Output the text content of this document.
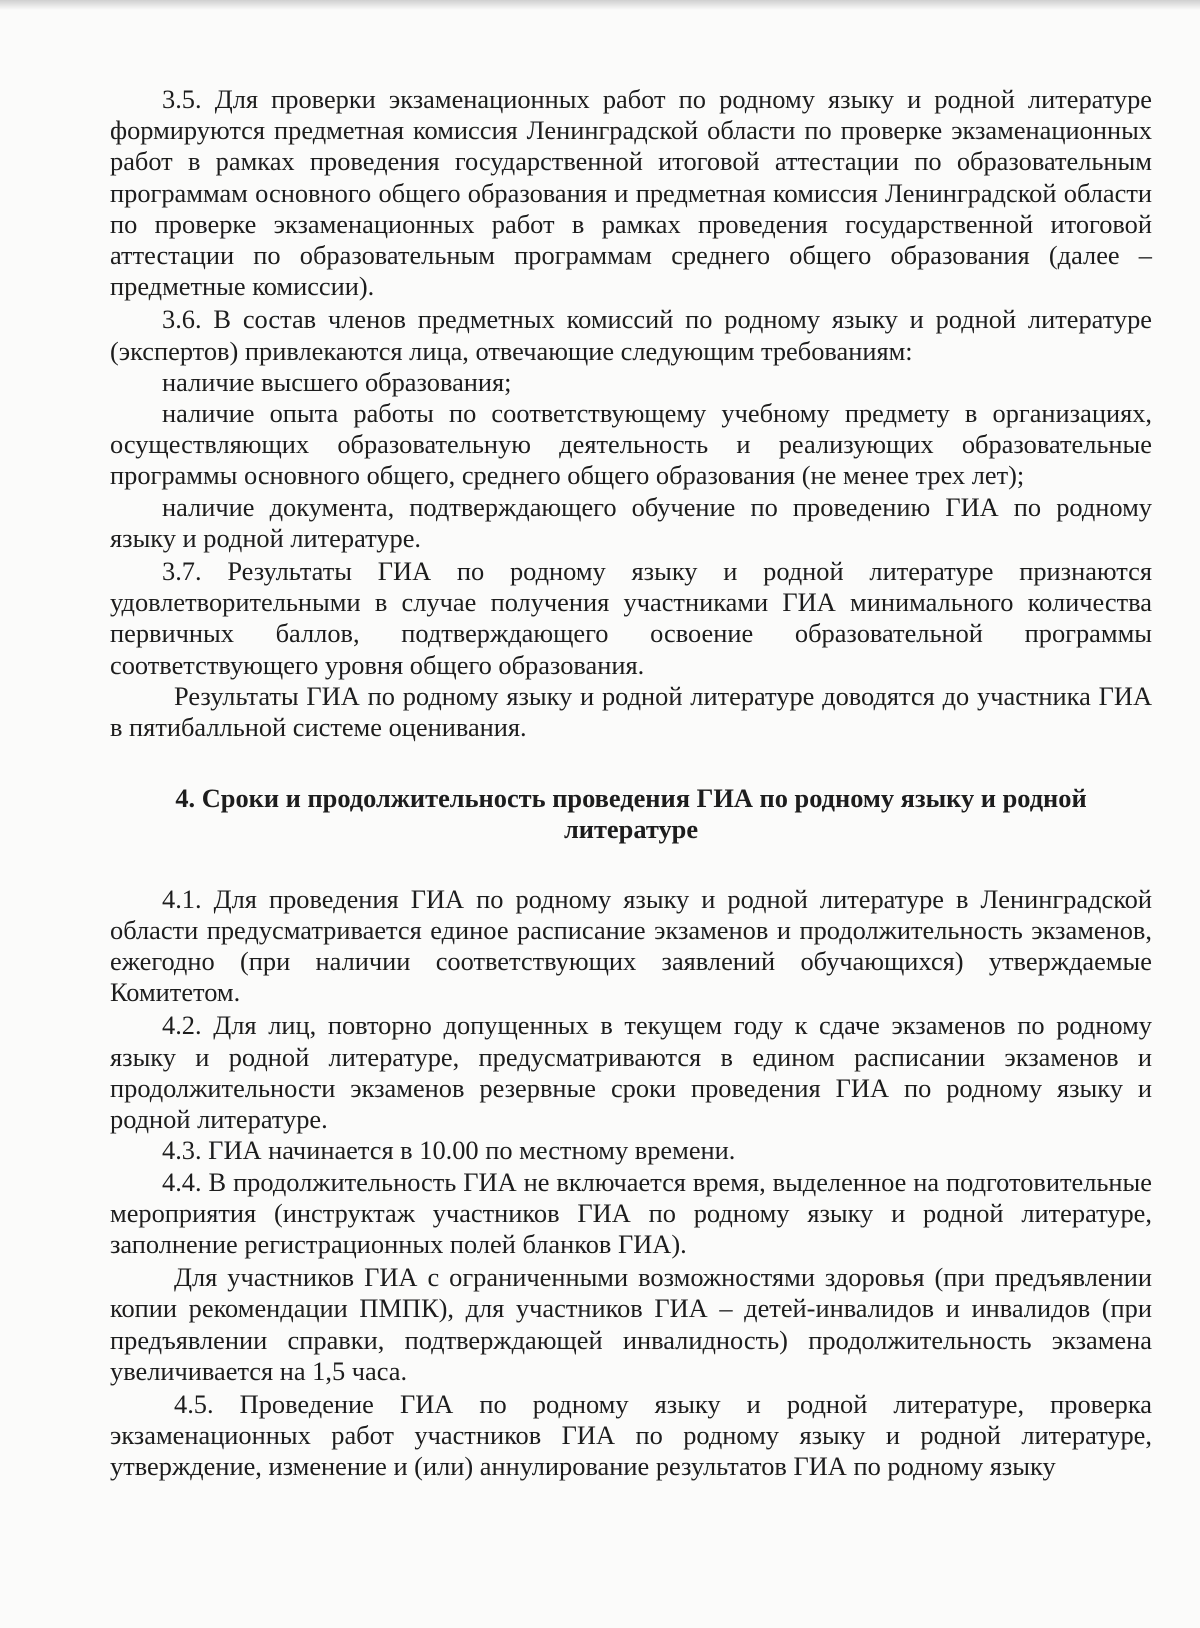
3.5. Для проверки экзаменационных работ по родному языку и родной литературе формируются предметная комиссия Ленинградской области по проверке экзаменационных работ в рамках проведения государственной итоговой аттестации по образовательным программам основного общего образования и предметная комиссия Ленинградской области по проверке экзаменационных работ в рамках проведения государственной итоговой аттестации по образовательным программам среднего общего образования (далее – предметные комиссии).

3.6. В состав членов предметных комиссий по родному языку и родной литературе (экспертов) привлекаются лица, отвечающие следующим требованиям:

наличие высшего образования;

наличие опыта работы по соответствующему учебному предмету в организациях, осуществляющих образовательную деятельность и реализующих образовательные программы основного общего, среднего общего образования (не менее трех лет);

наличие документа, подтверждающего обучение по проведению ГИА по родному языку и родной литературе.

3.7. Результаты ГИА по родному языку и родной литературе признаются удовлетворительными в случае получения участниками ГИА минимального количества первичных баллов, подтверждающего освоение образовательной программы соответствующего уровня общего образования.

Результаты ГИА по родному языку и родной литературе доводятся до участника ГИА в пятибалльной системе оценивания.

4. Сроки и продолжительность проведения ГИА по родному языку и родной
литературе

4.1. Для проведения ГИА по родному языку и родной литературе в Ленинградской области предусматривается единое расписание экзаменов и продолжительность экзаменов, ежегодно (при наличии соответствующих заявлений обучающихся) утверждаемые Комитетом.

4.2. Для лиц, повторно допущенных в текущем году к сдаче экзаменов по родному языку и родной литературе, предусматриваются в едином расписании экзаменов и продолжительности экзаменов резервные сроки проведения ГИА по родному языку и родной литературе.

4.3. ГИА начинается в 10.00 по местному времени.

4.4. В продолжительность ГИА не включается время, выделенное на подготовительные мероприятия (инструктаж участников ГИА по родному языку и родной литературе, заполнение регистрационных полей бланков ГИА).

Для участников ГИА с ограниченными возможностями здоровья (при предъявлении копии рекомендации ПМПК), для участников ГИА – детей-инвалидов и инвалидов (при предъявлении справки, подтверждающей инвалидность) продолжительность экзамена увеличивается на 1,5 часа.

4.5. Проведение ГИА по родному языку и родной литературе, проверка экзаменационных работ участников ГИА по родному языку и родной литературе, утверждение, изменение и (или) аннулирование результатов ГИА по родному языку
